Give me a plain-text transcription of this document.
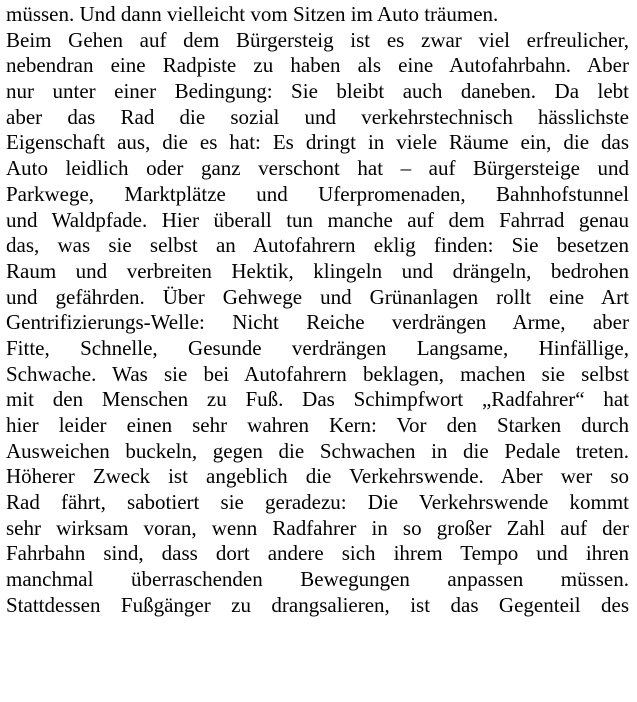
müssen. Und dann vielleicht vom Sitzen im Auto träumen.
Beim Gehen auf dem Bürgersteig ist es zwar viel erfreulicher,
nebendran eine Radpiste zu haben als eine Autofahrbahn. Aber
nur unter einer Bedingung: Sie bleibt auch daneben. Da lebt
aber das Rad die sozial und verkehrstechnisch hässlichste
Eigenschaft aus, die es hat: Es dringt in viele Räume ein, die das
Auto leidlich oder ganz verschont hat – auf Bürgersteige und
Parkwege, Marktplätze und Uferpromenaden, Bahnhofstunnel
und Waldpfade. Hier überall tun manche auf dem Fahrrad genau
das, was sie selbst an Autofahrern eklig finden: Sie besetzen
Raum und verbreiten Hektik, klingeln und drängeln, bedrohen
und gefährden. Über Gehwege und Grünanlagen rollt eine Art
Gentrifizierungs-Welle: Nicht Reiche verdrängen Arme, aber
Fitte, Schnelle, Gesunde verdrängen Langsame, Hinfällige,
Schwache. Was sie bei Autofahrern beklagen, machen sie selbst
mit den Menschen zu Fuß. Das Schimpfwort „Radfahrer“ hat
hier leider einen sehr wahren Kern: Vor den Starken durch
Ausweichen buckeln, gegen die Schwachen in die Pedale treten.
Höherer Zweck ist angeblich die Verkehrswende. Aber wer so
Rad fährt, sabotiert sie geradezu: Die Verkehrswende kommt
sehr wirksam voran, wenn Radfahrer in so großer Zahl auf der
Fahrbahn sind, dass dort andere sich ihrem Tempo und ihren
manchmal überraschenden Bewegungen anpassen müssen.
Stattdessen Fußgänger zu drangsalieren, ist das Gegenteil des
